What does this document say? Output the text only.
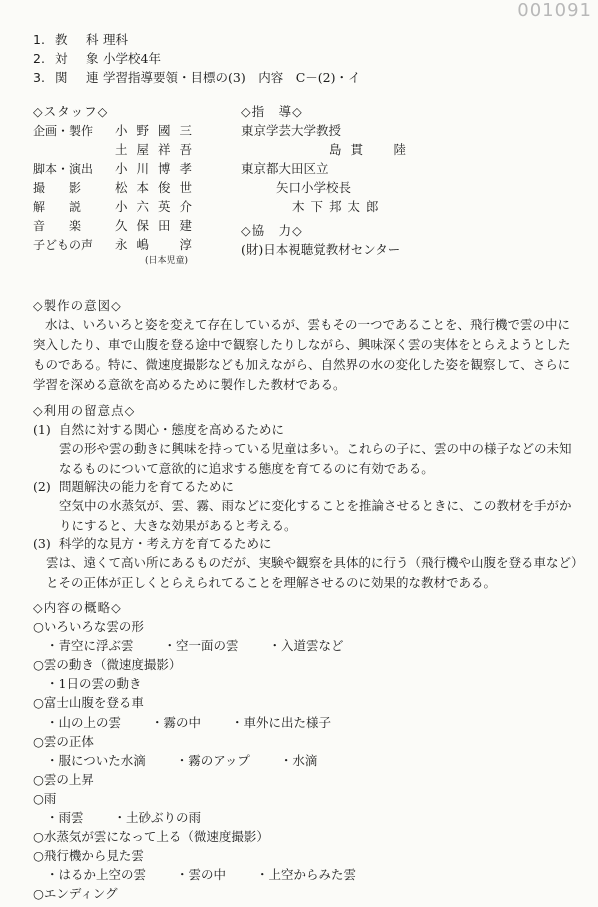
001091
1. 教　科理科
2. 対　象小学校4年
3. 関　連学習指導要領・目標の(3)　内容　C－(2)・イ
◇スタッフ◇
企画・製作 小野國三
土屋祥吾
脚本・演出 小川博孝
撮　　影	松本俊世
解　　説	小六英介
音　　楽	久保田建
子どもの声 永嶋　淳
(日本児童)
◇指　導◇
東京学芸大学教授
島貫　陸
東京都大田区立
矢口小学校長
木下邦太郎
◇協　力◇
(財)日本視聴覚教材センター
◇製作の意図◇
水は、いろいろと姿を変えて存在しているが、雲もその一つであることを、飛行機で雲の中に突入したり、車で山腹を登る途中で観察したりしながら、興味深く雲の実体をとらえようとしたものである。特に、微速度撮影なども加えながら、自然界の水の変化した姿を観察して、さらに学習を深める意欲を高めるために製作した教材である。
◇利用の留意点◇
(1) 自然に対する関心・態度を高めるために
雲の形や雲の動きに興味を持っている児童は多い。これらの子に、雲の中の様子などの未知なるものについて意欲的に追求する態度を育てるのに有効である。
(2) 問題解決の能力を育てるために
空気中の水蒸気が、雲、霧、雨などに変化することを推論させるときに、この教材を手がかりにすると、大きな効果があると考える。
(3) 科学的な見方・考え方を育てるために
雲は、遠くて高い所にあるものだが、実験や観察を具体的に行う（飛行機や山腹を登る車など）とその正体が正しくとらえられてることを理解させるのに効果的な教材である。
◇内容の概略◇
○いろいろな雲の形
・青空に浮ぶ雲 ・空一面の雲 ・入道雲など
○雲の動き（微速度撮影）
・1日の雲の動き
○富士山腹を登る車
・山の上の雲 ・霧の中 ・車外に出た様子
○雲の正体
・服についた水滴 ・霧のアップ ・水滴
○雲の上昇
○雨
・雨雲 ・土砂ぶりの雨
○水蒸気が雲になって上る（微速度撮影）
○飛行機から見た雲
・はるか上空の雲 ・雲の中 ・上空からみた雲
○エンディング
